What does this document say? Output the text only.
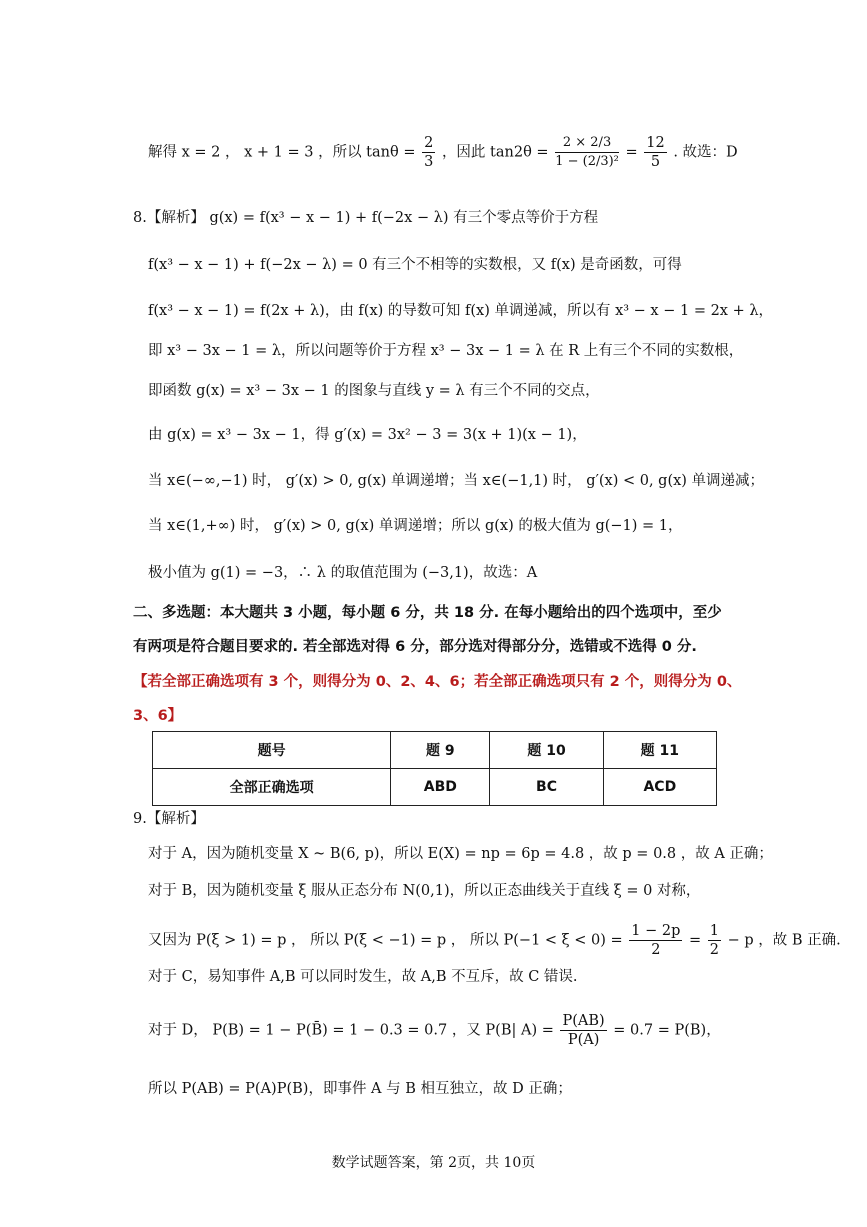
解得 x = 2 ， x + 1 = 3 ，所以 $\tan\theta = \frac{2}{3}$ ，因此 $\tan 2\theta = \frac{2 \times 2/3}{\text{1 − (2/3)²}} = \frac{12}{5}$ . 故选：D
8.【解析】 g(x) = f(x³ − x − 1) + f(−2x − λ) 有三个零点等价于方程
f(x³ − x − 1) + f(−2x − λ) = 0 有三个不相等的实数根，又 f(x) 是奇函数，可得
f(x³ − x − 1) = f(2x + λ)，由 f(x) 的导数可知 f(x) 单调递减，所以有 x³ − x − 1 = 2x + λ，
即 x³ − 3x − 1 = λ，所以问题等价于方程 x³ − 3x − 1 = λ 在 R 上有三个不同的实数根，
即函数 g(x) = x³ − 3x − 1 的图象与直线 y = λ 有三个不同的交点，
由 g(x) = x³ − 3x − 1，得 g′(x) = 3x² − 3 = 3(x + 1)(x − 1)，
当 x∈(−∞,−1) 时， g′(x) > 0, g(x) 单调递增；当 x∈(−1,1) 时， g′(x) < 0, g(x) 单调递减；
当 x∈(1,+∞) 时， g′(x) > 0, g(x) 单调递增；所以 g(x) 的极大值为 g(−1) = 1，
极小值为 g(1) = −3，∴ λ 的取值范围为 (−3,1)，故选：A
二、多选题：本大题共 3 小题，每小题 6 分，共 18 分. 在每小题给出的四个选项中，至少
有两项是符合题目要求的. 若全部选对得 6 分，部分选对得部分分，选错或不选得 0 分.
【若全部正确选项有 3 个，则得分为 0、2、4、6；若全部正确选项只有 2 个，则得分为 0、
3、6】
题号	题 9	题 10	题 11
全部正确选项	ABD	BC	ACD
9.【解析】
对于 A，因为随机变量 X ~ B(6, p)，所以 E(X) = np = 6p = 4.8 ，故 p = 0.8 ，故 A 正确；
对于 B，因为随机变量 ξ 服从正态分布 N(0,1)，所以正态曲线关于直线 ξ = 0 对称，
又因为 P(ξ > 1) = p ， 所以 P(ξ < −1) = p ， 所以 $P(-1 < \xi < 0) = \frac{1 - 2p}{2} = \frac{1}{2} - p$ ，故 B 正确.
对于 C，易知事件 A,B 可以同时发生，故 A,B 不互斥，故 C 错误.
对于 D， P(B) = 1 − P(B̄) = 1 − 0.3 = 0.7 ，又 P(B| $A) = \frac{P(AB)}{P(A)} = 0.7 = P(B)$，
所以 P(AB) = P(A)P(B)，即事件 A 与 B 相互独立，故 D 正确；
数学试题答案，第 2页，共 10页
